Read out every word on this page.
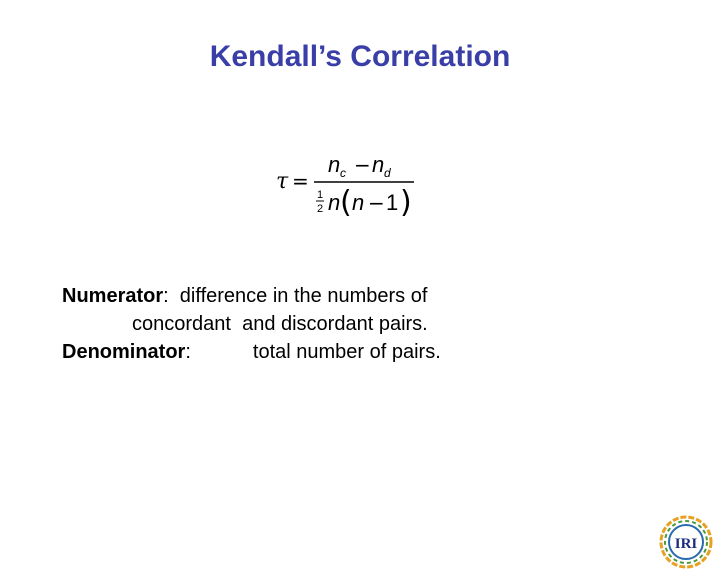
Kendall’s Correlation
τ =
n c − n d
1
2 n ( n − 1 )
Numerator:  difference in the numbers of
concordant  and discordant pairs.
Denominator:	total number of pairs.
IRI
